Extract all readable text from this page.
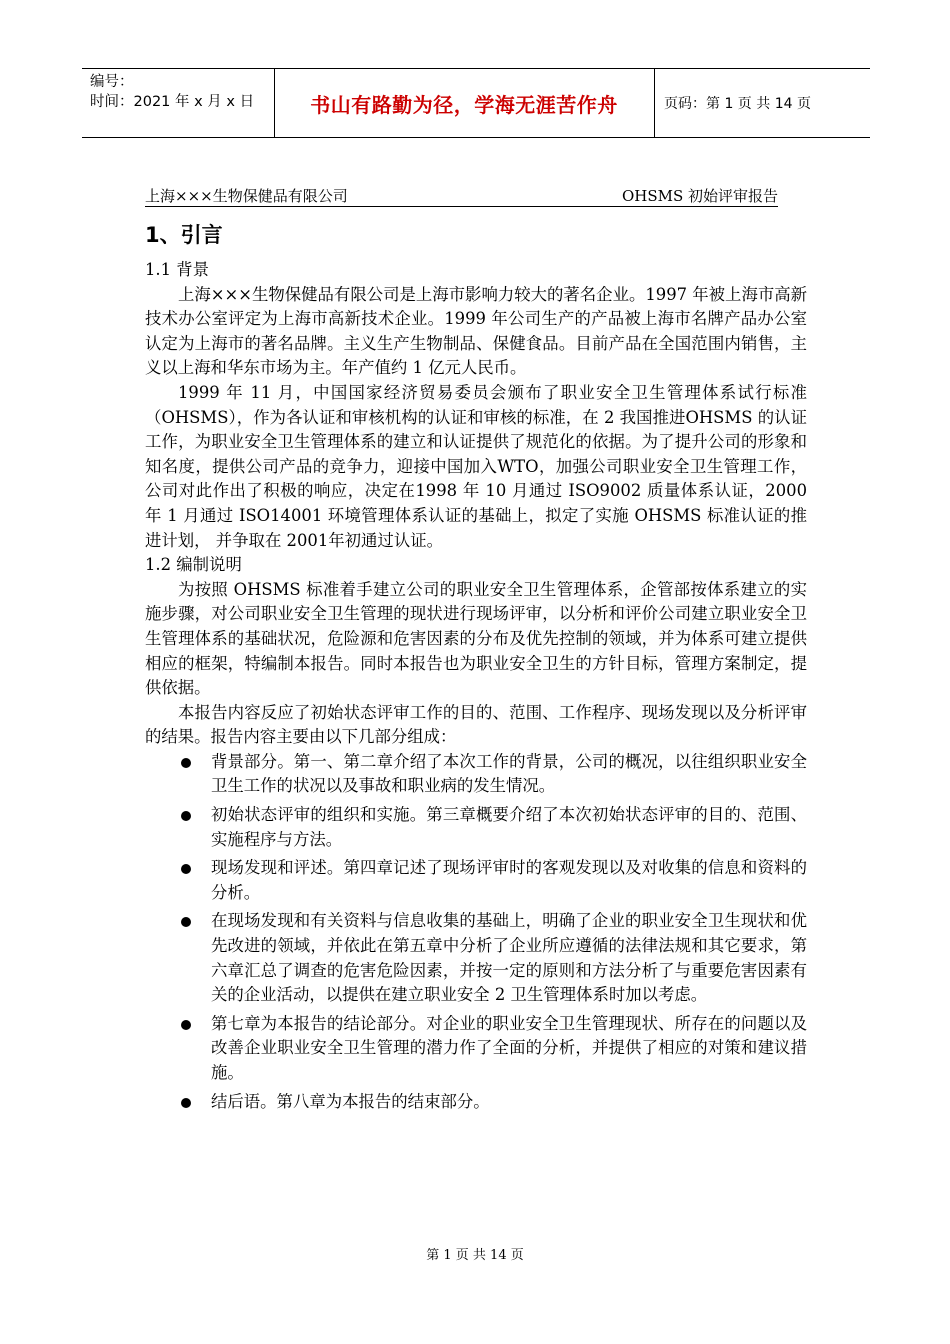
编号：
时间：2021 年 x 月 x 日	书山有路勤为径，学海无涯苦作舟	页码：第 1 页 共 14 页
上海×××生物保健品有限公司	OHSMS 初始评审报告
1、引言

1.1 背景

上海×××生物保健品有限公司是上海市影响力较大的著名企业。1997 年被上海市高新技术办公室评定为上海市高新技术企业。1999 年公司生产的产品被上海市名牌产品办公室认定为上海市的著名品牌。主义生产生物制品、保健食品。目前产品在全国范围内销售，主义以上海和华东市场为主。年产值约 1 亿元人民币。

1999 年 11 月，中国国家经济贸易委员会颁布了职业安全卫生管理体系试行标准（OHSMS），作为各认证和审核机构的认证和审核的标准，在 2 我国推进OHSMS 的认证工作，为职业安全卫生管理体系的建立和认证提供了规范化的依据。为了提升公司的形象和知名度，提供公司产品的竞争力，迎接中国加入WTO，加强公司职业安全卫生管理工作，公司对此作出了积极的响应，决定在1998 年 10 月通过 ISO9002 质量体系认证，2000 年 1 月通过 ISO14001 环境管理体系认证的基础上，拟定了实施 OHSMS 标准认证的推进计划， 并争取在 2001年初通过认证。

1.2 编制说明

为按照 OHSMS 标准着手建立公司的职业安全卫生管理体系，企管部按体系建立的实施步骤，对公司职业安全卫生管理的现状进行现场评审，以分析和评价公司建立职业安全卫生管理体系的基础状况，危险源和危害因素的分布及优先控制的领域，并为体系可建立提供相应的框架，特编制本报告。同时本报告也为职业安全卫生的方针目标，管理方案制定，提供依据。

本报告内容反应了初始状态评审工作的目的、范围、工作程序、现场发现以及分析评审的结果。报告内容主要由以下几部分组成：

背景部分。第一、第二章介绍了本次工作的背景，公司的概况，以往组织职业安全卫生工作的状况以及事故和职业病的发生情况。
初始状态评审的组织和实施。第三章概要介绍了本次初始状态评审的目的、范围、实施程序与方法。
现场发现和评述。第四章记述了现场评审时的客观发现以及对收集的信息和资料的分析。
在现场发现和有关资料与信息收集的基础上，明确了企业的职业安全卫生现状和优先改进的领域，并依此在第五章中分析了企业所应遵循的法律法规和其它要求，第六章汇总了调查的危害危险因素，并按一定的原则和方法分析了与重要危害因素有关的企业活动，以提供在建立职业安全 2 卫生管理体系时加以考虑。
第七章为本报告的结论部分。对企业的职业安全卫生管理现状、所存在的问题以及改善企业职业安全卫生管理的潜力作了全面的分析，并提供了相应的对策和建议措施。
结后语。第八章为本报告的结束部分。
第 1 页 共 14 页
